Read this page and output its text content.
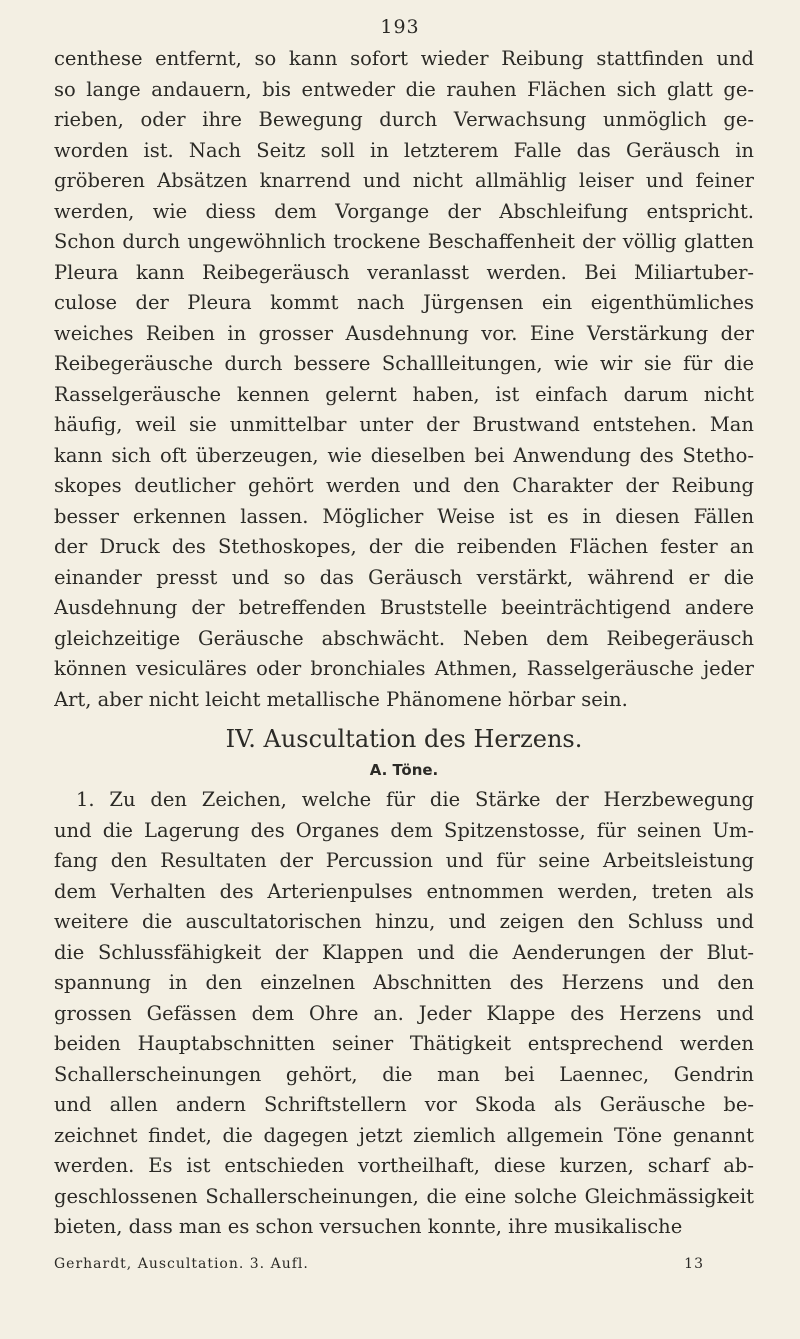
193
centhese entfernt, so kann sofort wieder Reibung stattfinden und
so lange andauern, bis entweder die rauhen Flächen sich glatt ge-
rieben, oder ihre Bewegung durch Verwachsung unmöglich ge-
worden ist. Nach Seitz soll in letzterem Falle das Geräusch in
gröberen Absätzen knarrend und nicht allmählig leiser und feiner
werden, wie diess dem Vorgange der Abschleifung entspricht.
Schon durch ungewöhnlich trockene Beschaffenheit der völlig glatten
Pleura kann Reibegeräusch veranlasst werden. Bei Miliartuber-
culose der Pleura kommt nach Jürgensen ein eigenthümliches
weiches Reiben in grosser Ausdehnung vor. Eine Verstärkung der
Reibegeräusche durch bessere Schallleitungen, wie wir sie für die
Rasselgeräusche kennen gelernt haben, ist einfach darum nicht
häufig, weil sie unmittelbar unter der Brustwand entstehen. Man
kann sich oft überzeugen, wie dieselben bei Anwendung des Stetho-
skopes deutlicher gehört werden und den Charakter der Reibung
besser erkennen lassen. Möglicher Weise ist es in diesen Fällen
der Druck des Stethoskopes, der die reibenden Flächen fester an
einander presst und so das Geräusch verstärkt, während er die
Ausdehnung der betreffenden Bruststelle beeinträchtigend andere
gleichzeitige Geräusche abschwächt. Neben dem Reibegeräusch
können vesiculäres oder bronchiales Athmen, Rasselgeräusche jeder
Art, aber nicht leicht metallische Phänomene hörbar sein.
IV. Auscultation des Herzens.
A. Töne.
1. Zu den Zeichen, welche für die Stärke der Herzbewegung
und die Lagerung des Organes dem Spitzenstosse, für seinen Um-
fang den Resultaten der Percussion und für seine Arbeitsleistung
dem Verhalten des Arterienpulses entnommen werden, treten als
weitere die auscultatorischen hinzu, und zeigen den Schluss und
die Schlussfähigkeit der Klappen und die Aenderungen der Blut-
spannung in den einzelnen Abschnitten des Herzens und den
grossen Gefässen dem Ohre an. Jeder Klappe des Herzens und
beiden Hauptabschnitten seiner Thätigkeit entsprechend werden
Schallerscheinungen gehört, die man bei Laennec, Gendrin
und allen andern Schriftstellern vor Skoda als Geräusche be-
zeichnet findet, die dagegen jetzt ziemlich allgemein Töne genannt
werden. Es ist entschieden vortheilhaft, diese kurzen, scharf ab-
geschlossenen Schallerscheinungen, die eine solche Gleichmässigkeit
bieten, dass man es schon versuchen konnte, ihre musikalische
Gerhardt, Auscultation. 3. Aufl.	13
